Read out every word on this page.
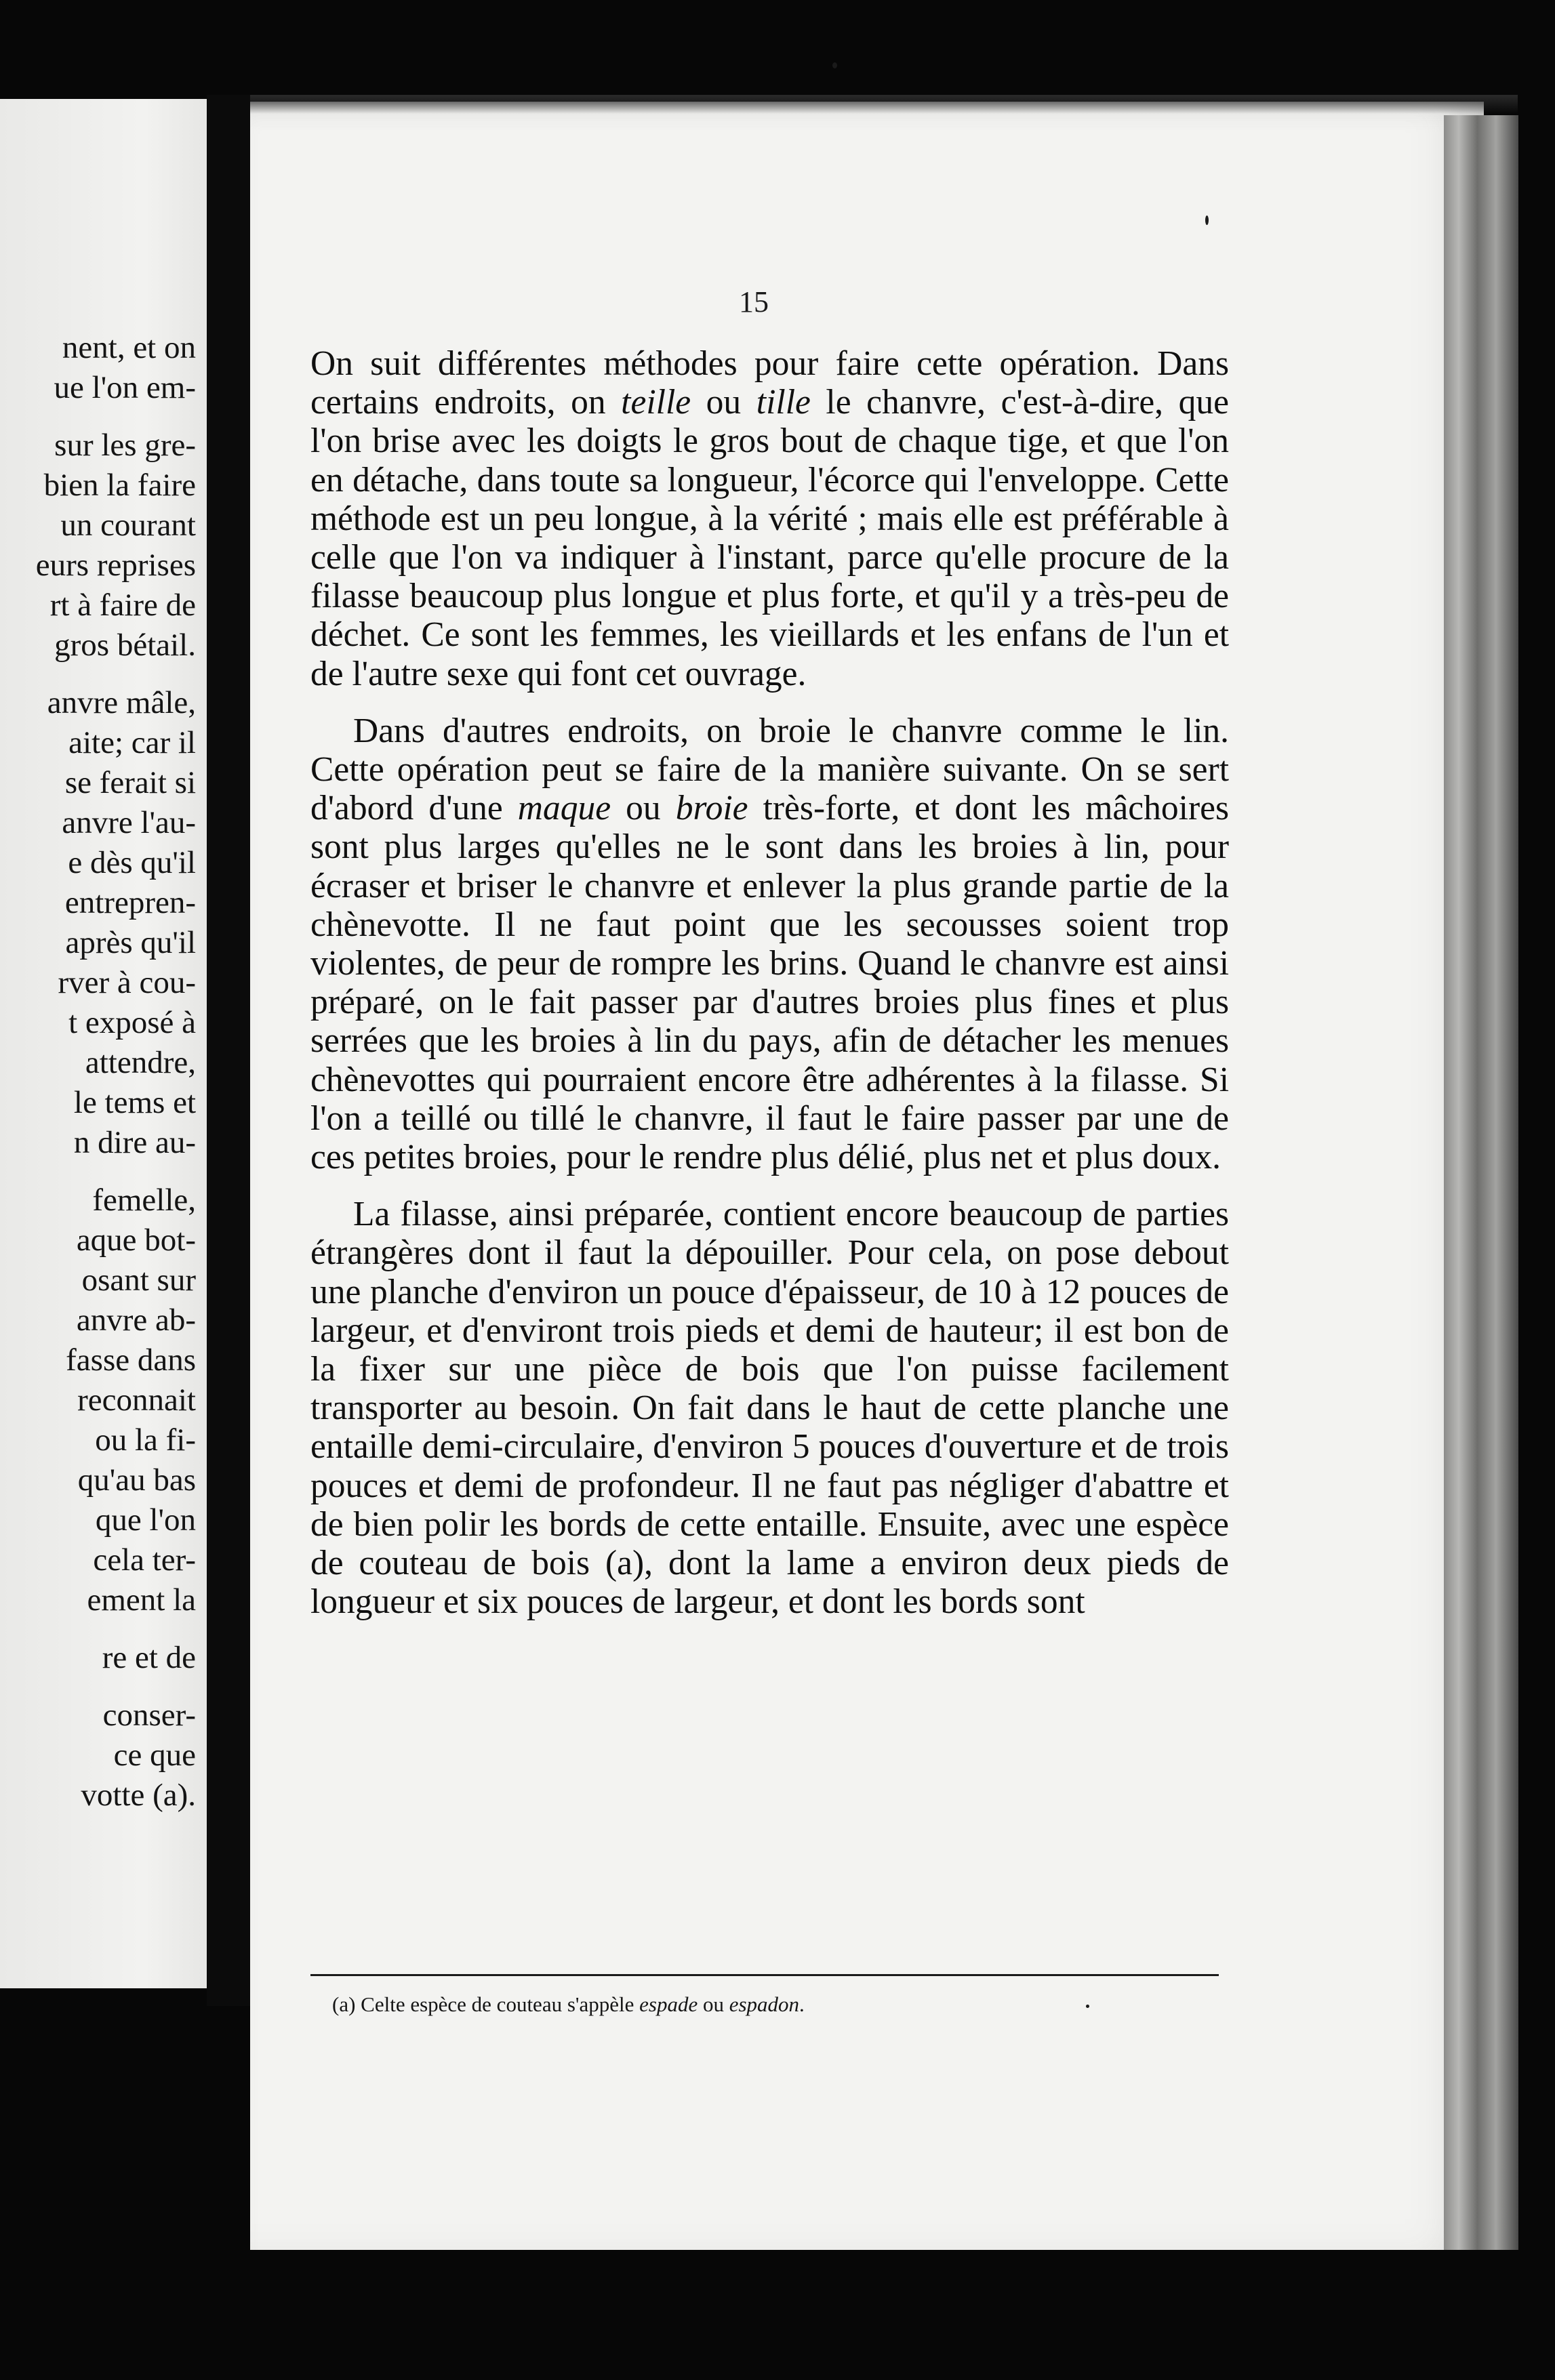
nent, et on
ue l'on em-
sur les gre-
bien la faire
un courant
eurs reprises
rt à faire de
gros bétail.
anvre mâle,
aite; car il
se ferait si
anvre l'au-
e dès qu'il
entrepren-
après qu'il
rver à cou-
t exposé à
attendre,
le tems et
n dire au-
femelle,
aque bot-
osant sur
anvre ab-
fasse dans
reconnait
ou la fi-
qu'au bas
que l'on
cela ter-
ement la
re et de
conser-
ce que
votte (a).
15

On suit différentes méthodes pour faire cette opération. Dans certains endroits, on teille ou tille le chanvre, c'est-à-dire, que l'on brise avec les doigts le gros bout de chaque tige, et que l'on en détache, dans toute sa longueur, l'écorce qui l'enveloppe. Cette méthode est un peu longue, à la vérité ; mais elle est préférable à celle que l'on va indiquer à l'instant, parce qu'elle procure de la filasse beaucoup plus longue et plus forte, et qu'il y a très-peu de déchet. Ce sont les femmes, les vieillards et les enfans de l'un et de l'autre sexe qui font cet ouvrage.

Dans d'autres endroits, on broie le chanvre comme le lin. Cette opération peut se faire de la manière suivante. On se sert d'abord d'une maque ou broie très-forte, et dont les mâchoires sont plus larges qu'elles ne le sont dans les broies à lin, pour écraser et briser le chanvre et enlever la plus grande partie de la chènevotte. Il ne faut point que les secousses soient trop violentes, de peur de rompre les brins. Quand le chanvre est ainsi préparé, on le fait passer par d'autres broies plus fines et plus serrées que les broies à lin du pays, afin de détacher les menues chènevottes qui pourraient encore être adhérentes à la filasse. Si l'on a teillé ou tillé le chanvre, il faut le faire passer par une de ces petites broies, pour le rendre plus délié, plus net et plus doux.

La filasse, ainsi préparée, contient encore beaucoup de parties étrangères dont il faut la dépouiller. Pour cela, on pose debout une planche d'environ un pouce d'épaisseur, de 10 à 12 pouces de largeur, et d'environt trois pieds et demi de hauteur; il est bon de la fixer sur une pièce de bois que l'on puisse facilement transporter au besoin. On fait dans le haut de cette planche une entaille demi-circulaire, d'environ 5 pouces d'ouverture et de trois pouces et demi de profondeur. Il ne faut pas négliger d'abattre et de bien polir les bords de cette entaille. Ensuite, avec une espèce de couteau de bois (a), dont la lame a environ deux pieds de longueur et six pouces de largeur, et dont les bords sont

(a) Celte espèce de couteau s'appèle espade ou espadon.
